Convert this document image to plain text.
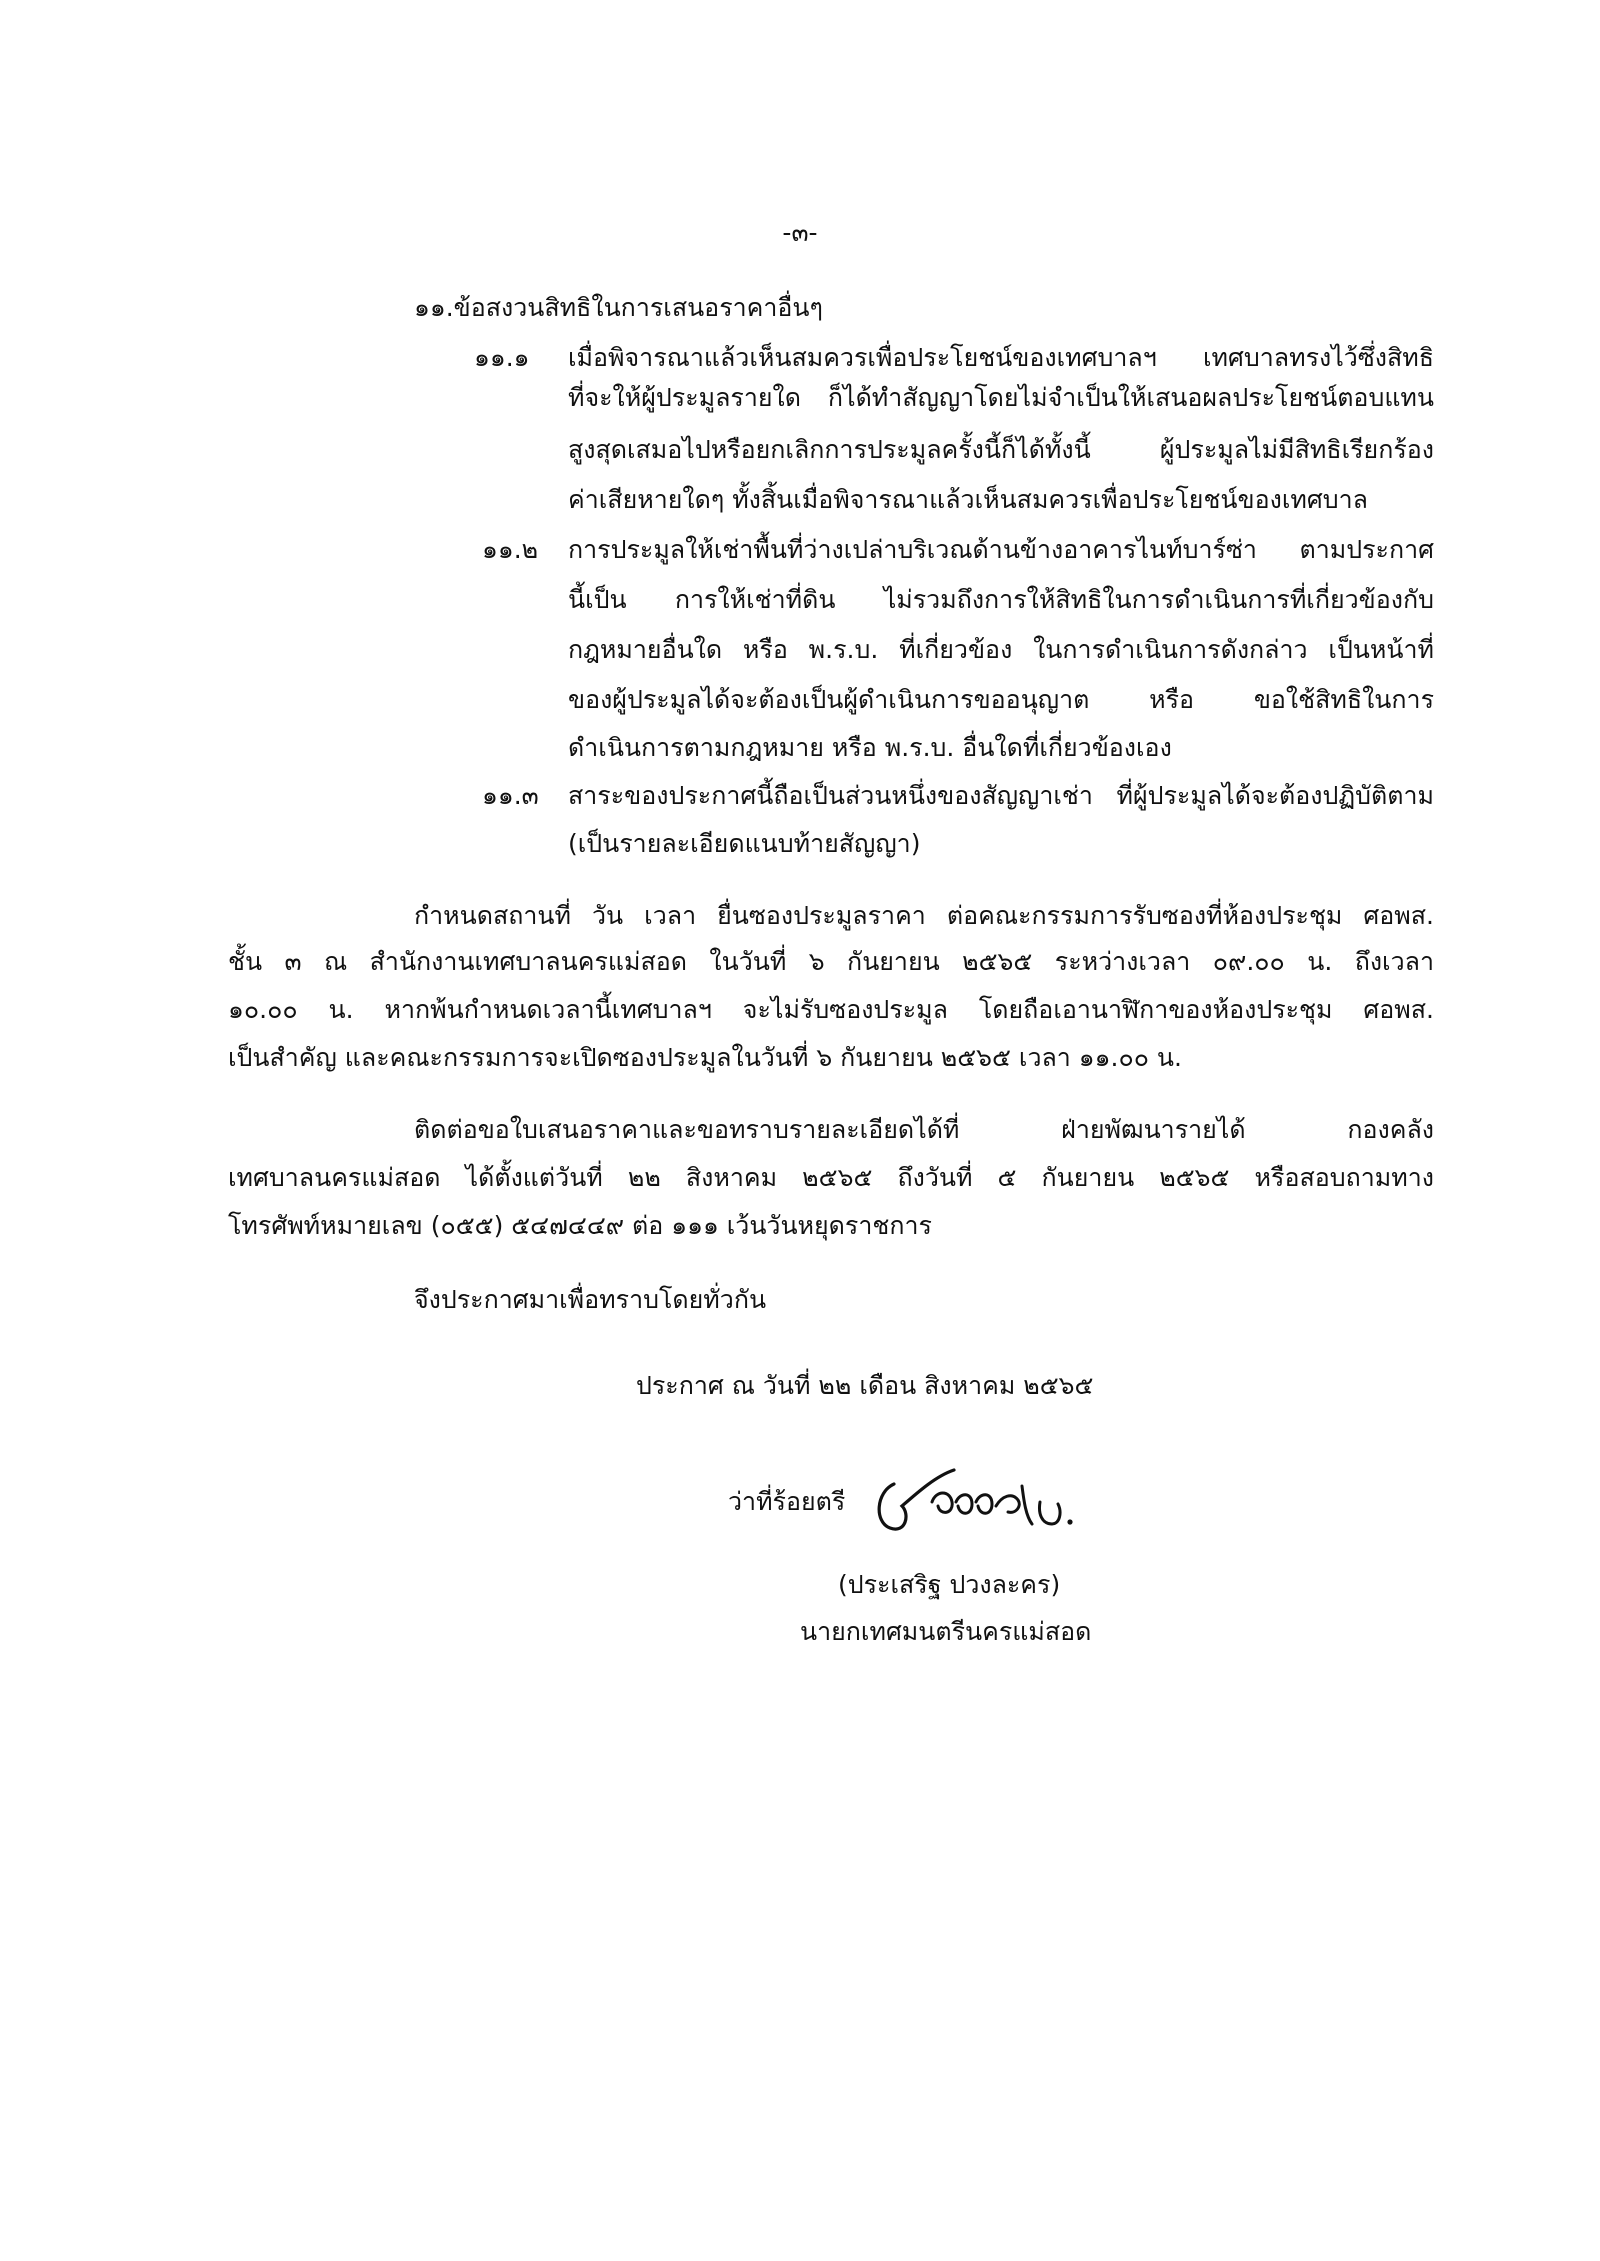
-๓-
๑๑.ข้อสงวนสิทธิในการเสนอราคาอื่นๆ
๑๑.๑ เมื่อพิจารณาแล้วเห็นสมควรเพื่อประโยชน์ของเทศบาลฯ เทศบาลทรงไว้ซึ่งสิทธิ
ที่จะให้ผู้ประมูลรายใด ก็ได้ทำสัญญาโดยไม่จำเป็นให้เสนอผลประโยชน์ตอบแทน
สูงสุดเสมอไปหรือยกเลิกการประมูลครั้งนี้ก็ได้ทั้งนี้ ผู้ประมูลไม่มีสิทธิเรียกร้อง
ค่าเสียหายใดๆ ทั้งสิ้นเมื่อพิจารณาแล้วเห็นสมควรเพื่อประโยชน์ของเทศบาล
๑๑.๒ การประมูลให้เช่าพื้นที่ว่างเปล่าบริเวณด้านข้างอาคารไนท์บาร์ซ่า ตามประกาศ
นี้เป็น การให้เช่าที่ดิน ไม่รวมถึงการให้สิทธิในการดำเนินการที่เกี่ยวข้องกับ
กฎหมายอื่นใด หรือ พ.ร.บ. ที่เกี่ยวข้อง ในการดำเนินการดังกล่าว เป็นหน้าที่
ของผู้ประมูลได้จะต้องเป็นผู้ดำเนินการขออนุญาต หรือ ขอใช้สิทธิในการ
ดำเนินการตามกฎหมาย หรือ พ.ร.บ. อื่นใดที่เกี่ยวข้องเอง
๑๑.๓ สาระของประกาศนี้ถือเป็นส่วนหนึ่งของสัญญาเช่า ที่ผู้ประมูลได้จะต้องปฏิบัติตาม
(เป็นรายละเอียดแนบท้ายสัญญา)
กำหนดสถานที่ วัน เวลา ยื่นซองประมูลราคา ต่อคณะกรรมการรับซองที่ห้องประชุม ศอพส.
ชั้น ๓ ณ สำนักงานเทศบาลนครแม่สอด ในวันที่ ๖ กันยายน ๒๕๖๕ ระหว่างเวลา ๐๙.๐๐ น. ถึงเวลา
๑๐.๐๐ น. หากพ้นกำหนดเวลานี้เทศบาลฯ จะไม่รับซองประมูล โดยถือเอานาฬิกาของห้องประชุม ศอพส.
เป็นสำคัญ และคณะกรรมการจะเปิดซองประมูลในวันที่ ๖ กันยายน ๒๕๖๕ เวลา ๑๑.๐๐ น.
ติดต่อขอใบเสนอราคาและขอทราบรายละเอียดได้ที่ ฝ่ายพัฒนารายได้ กองคลัง
เทศบาลนครแม่สอด ได้ตั้งแต่วันที่ ๒๒ สิงหาคม ๒๕๖๕ ถึงวันที่ ๕ กันยายน ๒๕๖๕ หรือสอบถามทาง
โทรศัพท์หมายเลข (๐๕๕) ๕๔๗๔๔๙ ต่อ ๑๑๑ เว้นวันหยุดราชการ
จึงประกาศมาเพื่อทราบโดยทั่วกัน
ประกาศ ณ วันที่ ๒๒ เดือน สิงหาคม ๒๕๖๕
ว่าที่ร้อยตรี
(ประเสริฐ ปวงละคร)
นายกเทศมนตรีนครแม่สอด
